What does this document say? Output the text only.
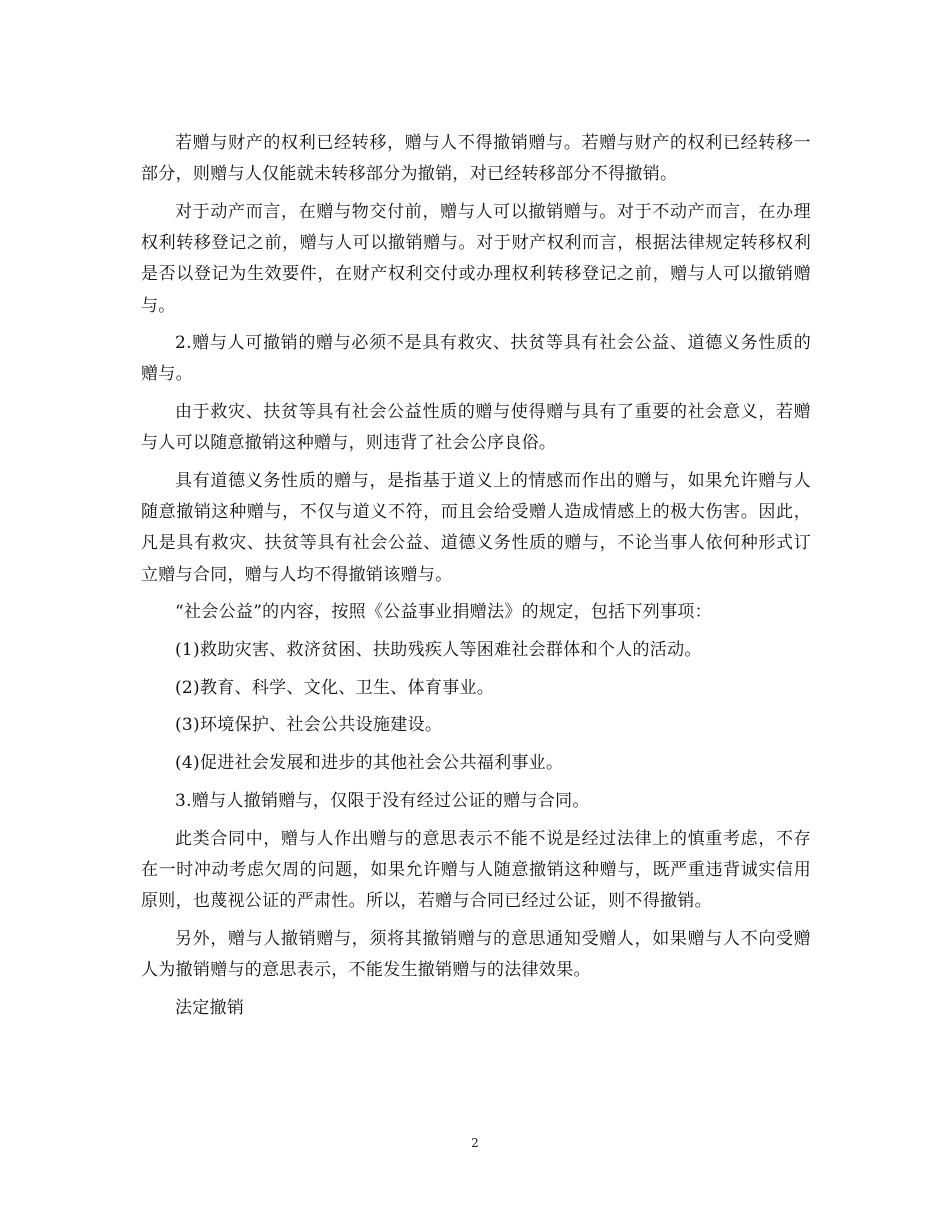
若赠与财产的权利已经转移，赠与人不得撤销赠与。若赠与财产的权利已经转移一部分，则赠与人仅能就未转移部分为撤销，对已经转移部分不得撤销。

对于动产而言，在赠与物交付前，赠与人可以撤销赠与。对于不动产而言，在办理权利转移登记之前，赠与人可以撤销赠与。对于财产权利而言，根据法律规定转移权利是否以登记为生效要件，在财产权利交付或办理权利转移登记之前，赠与人可以撤销赠与。

2.赠与人可撤销的赠与必须不是具有救灾、扶贫等具有社会公益、道德义务性质的赠与。

由于救灾、扶贫等具有社会公益性质的赠与使得赠与具有了重要的社会意义，若赠与人可以随意撤销这种赠与，则违背了社会公序良俗。

具有道德义务性质的赠与，是指基于道义上的情感而作出的赠与，如果允许赠与人随意撤销这种赠与，不仅与道义不符，而且会给受赠人造成情感上的极大伤害。因此，凡是具有救灾、扶贫等具有社会公益、道德义务性质的赠与，不论当事人依何种形式订立赠与合同，赠与人均不得撤销该赠与。

“社会公益”的内容，按照《公益事业捐赠法》的规定，包括下列事项：

(1)救助灾害、救济贫困、扶助残疾人等困难社会群体和个人的活动。

(2)教育、科学、文化、卫生、体育事业。

(3)环境保护、社会公共设施建设。

(4)促进社会发展和进步的其他社会公共福利事业。

3.赠与人撤销赠与，仅限于没有经过公证的赠与合同。

此类合同中，赠与人作出赠与的意思表示不能不说是经过法律上的慎重考虑，不存在一时冲动考虑欠周的问题，如果允许赠与人随意撤销这种赠与，既严重违背诚实信用原则，也蔑视公证的严肃性。所以，若赠与合同已经过公证，则不得撤销。

另外，赠与人撤销赠与，须将其撤销赠与的意思通知受赠人，如果赠与人不向受赠人为撤销赠与的意思表示，不能发生撤销赠与的法律效果。

法定撤销

2
